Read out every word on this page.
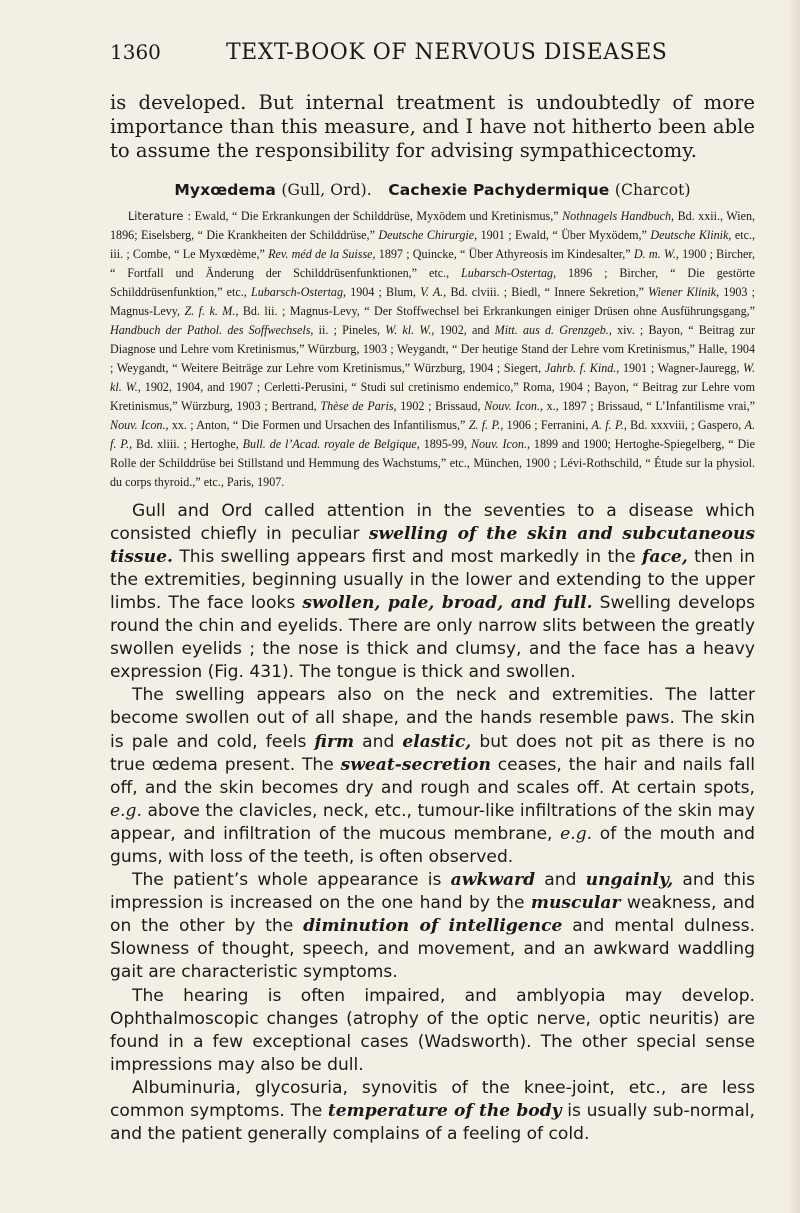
1360	TEXT-BOOK OF NERVOUS DISEASES

is developed. But internal treatment is undoubtedly of more importance than this measure, and I have not hitherto been able to assume the responsibility for advising sympathicectomy.

Myxœdema (Gull, Ord). Cachexie Pachydermique (Charcot)

Literature : Ewald, “ Die Erkrankungen der Schilddrüse, Myxödem und Kretinismus,” Nothnagels Handbuch, Bd. xxii., Wien, 1896; Eiselsberg, “ Die Krankheiten der Schilddrüse,” Deutsche Chirurgie, 1901 ; Ewald, “ Über Myxödem,” Deutsche Klinik, etc., iii. ; Combe, “ Le Myxœdème,” Rev. méd de la Suisse, 1897 ; Quincke, “ Über Athyreosis im Kindesalter,” D. m. W., 1900 ; Bircher, “ Fortfall und Änderung der Schilddrüsenfunktionen,” etc., Lubarsch-Ostertag, 1896 ; Bircher, “ Die gestörte Schilddrüsenfunktion,” etc., Lubarsch-Ostertag, 1904 ; Blum, V. A., Bd. clviii. ; Biedl, “ Innere Sekretion,” Wiener Klinik, 1903 ; Magnus-Levy, Z. f. k. M., Bd. lii. ; Magnus-Levy, “ Der Stoffwechsel bei Erkrankungen einiger Drüsen ohne Ausführungsgang,” Handbuch der Pathol. des Soffwechsels, ii. ; Pineles, W. kl. W., 1902, and Mitt. aus d. Grenzgeb., xiv. ; Bayon, “ Beitrag zur Diagnose und Lehre vom Kretinismus,” Würzburg, 1903 ; Weygandt, “ Der heutige Stand der Lehre vom Kretinismus,” Halle, 1904 ; Weygandt, “ Weitere Beiträge zur Lehre vom Kretinismus,” Würzburg, 1904 ; Siegert, Jahrb. f. Kind., 1901 ; Wagner-Jauregg, W. kl. W., 1902, 1904, and 1907 ; Cerletti-Perusini, “ Studi sul cretinismo endemico,” Roma, 1904 ; Bayon, “ Beitrag zur Lehre vom Kretinismus,” Würzburg, 1903 ; Bertrand, Thèse de Paris, 1902 ; Brissaud, Nouv. Icon., x., 1897 ; Brissaud, “ L’Infantilisme vrai,” Nouv. Icon., xx. ; Anton, “ Die Formen und Ursachen des Infantilismus,” Z. f. P., 1906 ; Ferranini, A. f. P., Bd. xxxviii, ; Gaspero, A. f. P., Bd. xliii. ; Hertoghe, Bull. de l’Acad. royale de Belgique, 1895-99, Nouv. Icon., 1899 and 1900; Hertoghe-Spiegelberg, “ Die Rolle der Schilddrüse bei Stillstand und Hemmung des Wachstums,” etc., München, 1900 ; Lévi-Rothschild, “ Étude sur la physiol. du corps thyroid.,” etc., Paris, 1907.

Gull and Ord called attention in the seventies to a disease which consisted chiefly in peculiar swelling of the skin and subcutaneous tissue. This swelling appears first and most markedly in the face, then in the extremities, beginning usually in the lower and extending to the upper limbs. The face looks swollen, pale, broad, and full. Swelling develops round the chin and eyelids. There are only narrow slits between the greatly swollen eyelids ; the nose is thick and clumsy, and the face has a heavy expression (Fig. 431). The tongue is thick and swollen.

The swelling appears also on the neck and extremities. The latter become swollen out of all shape, and the hands resemble paws. The skin is pale and cold, feels firm and elastic, but does not pit as there is no true œdema present. The sweat-secretion ceases, the hair and nails fall off, and the skin becomes dry and rough and scales off. At certain spots, e.g. above the clavicles, neck, etc., tumour-like infiltrations of the skin may appear, and infiltration of the mucous membrane, e.g. of the mouth and gums, with loss of the teeth, is often observed.

The patient’s whole appearance is awkward and ungainly, and this impression is increased on the one hand by the muscular weakness, and on the other by the diminution of intelligence and mental dulness. Slowness of thought, speech, and movement, and an awkward waddling gait are characteristic symptoms.

The hearing is often impaired, and amblyopia may develop. Ophthalmoscopic changes (atrophy of the optic nerve, optic neuritis) are found in a few exceptional cases (Wadsworth). The other special sense impressions may also be dull.

Albuminuria, glycosuria, synovitis of the knee-joint, etc., are less common symptoms. The temperature of the body is usually sub-normal, and the patient generally complains of a feeling of cold.
